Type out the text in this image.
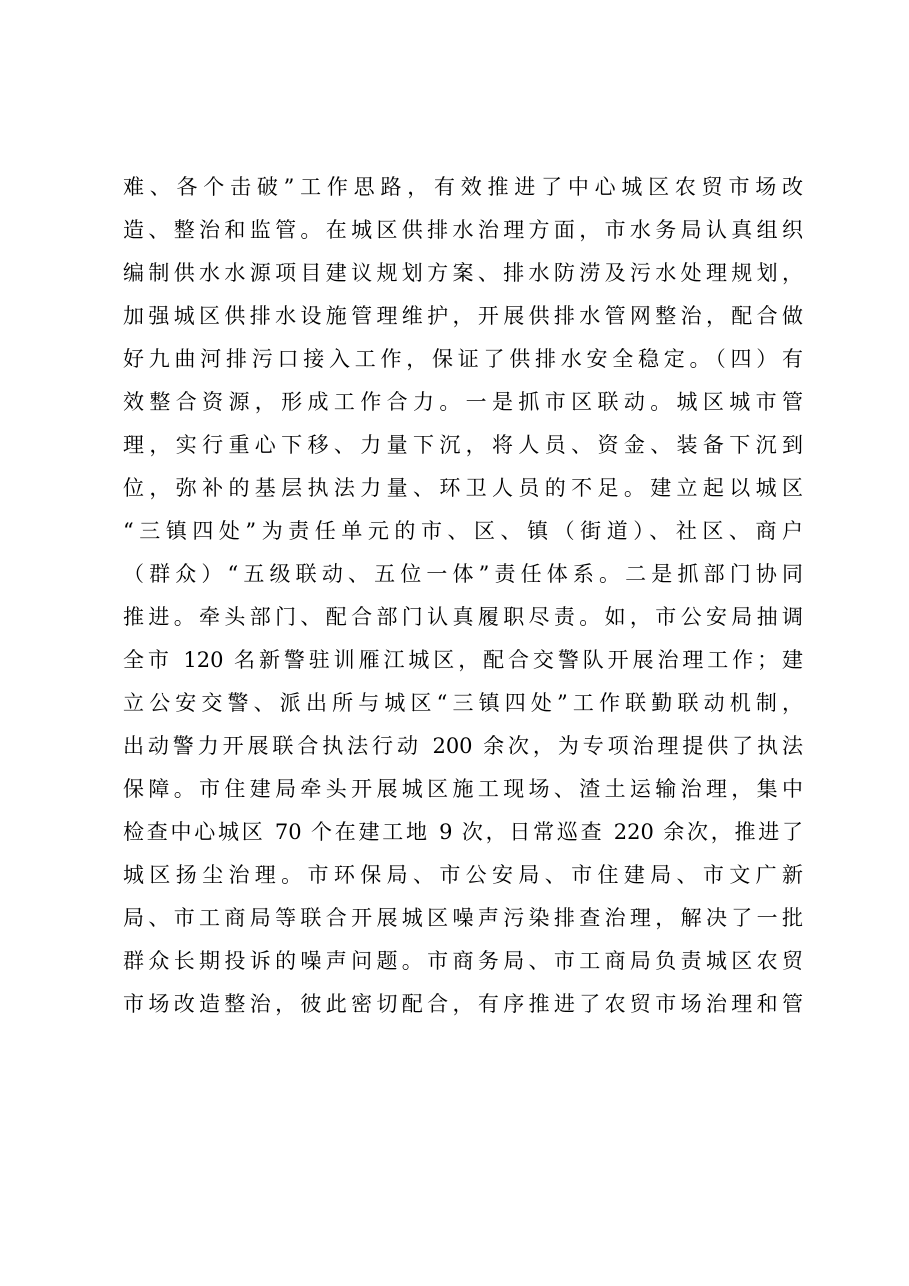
难、各个击破”工作思路，有效推进了中心城区农贸市场改
造、整治和监管。在城区供排水治理方面，市水务局认真组织
编制供水水源项目建议规划方案、排水防涝及污水处理规划，
加强城区供排水设施管理维护，开展供排水管网整治，配合做
好九曲河排污口接入工作，保证了供排水安全稳定。（四）有
效整合资源，形成工作合力。一是抓市区联动。城区城市管
理，实行重心下移、力量下沉，将人员、资金、装备下沉到
位，弥补的基层执法力量、环卫人员的不足。建立起以城区
“三镇四处”为责任单元的市、区、镇（街道）、社区、商户
（群众）“五级联动、五位一体”责任体系。二是抓部门协同
推进。牵头部门、配合部门认真履职尽责。如，市公安局抽调
全市 120 名新警驻训雁江城区，配合交警队开展治理工作；建
立公安交警、派出所与城区“三镇四处”工作联勤联动机制，
出动警力开展联合执法行动 200 余次，为专项治理提供了执法
保障。市住建局牵头开展城区施工现场、渣土运输治理，集中
检查中心城区 70 个在建工地 9 次，日常巡查 220 余次，推进了
城区扬尘治理。市环保局、市公安局、市住建局、市文广新
局、市工商局等联合开展城区噪声污染排查治理，解决了一批
群众长期投诉的噪声问题。市商务局、市工商局负责城区农贸
市场改造整治，彼此密切配合，有序推进了农贸市场治理和管
